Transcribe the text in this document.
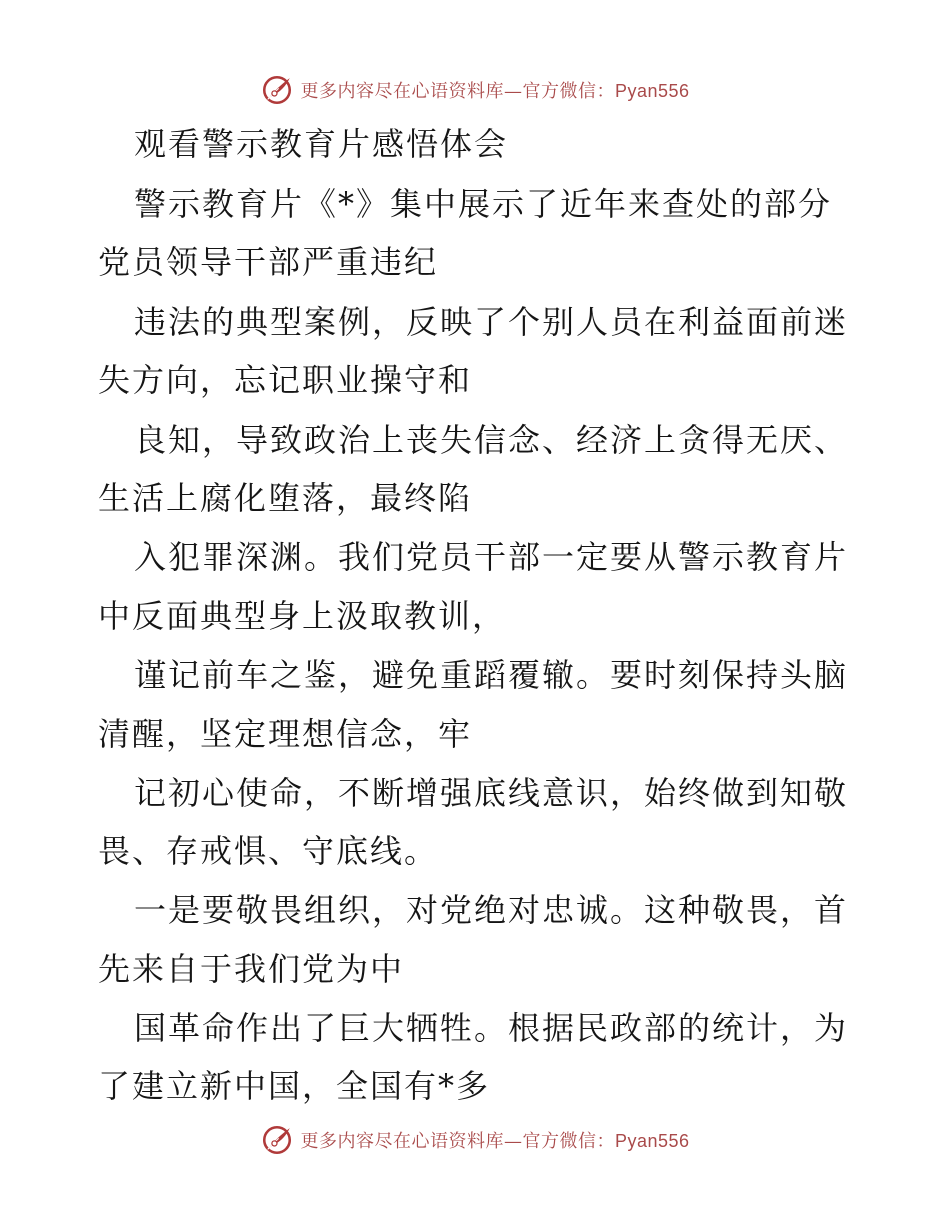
更多内容尽在心语资料库—官方微信：Pyan556
观看警示教育片感悟体会
警示教育片《*》集中展示了近年来查处的部分
党员领导干部严重违纪
违法的典型案例，反映了个别人员在利益面前迷
失方向，忘记职业操守和
良知，导致政治上丧失信念、经济上贪得无厌、
生活上腐化堕落，最终陷
入犯罪深渊。我们党员干部一定要从警示教育片
中反面典型身上汲取教训，
谨记前车之鉴，避免重蹈覆辙。要时刻保持头脑
清醒，坚定理想信念，牢
记初心使命，不断增强底线意识，始终做到知敬
畏、存戒惧、守底线。
一是要敬畏组织，对党绝对忠诚。这种敬畏，首
先来自于我们党为中
国革命作出了巨大牺牲。根据民政部的统计，为
了建立新中国，全国有*多
更多内容尽在心语资料库—官方微信：Pyan556
